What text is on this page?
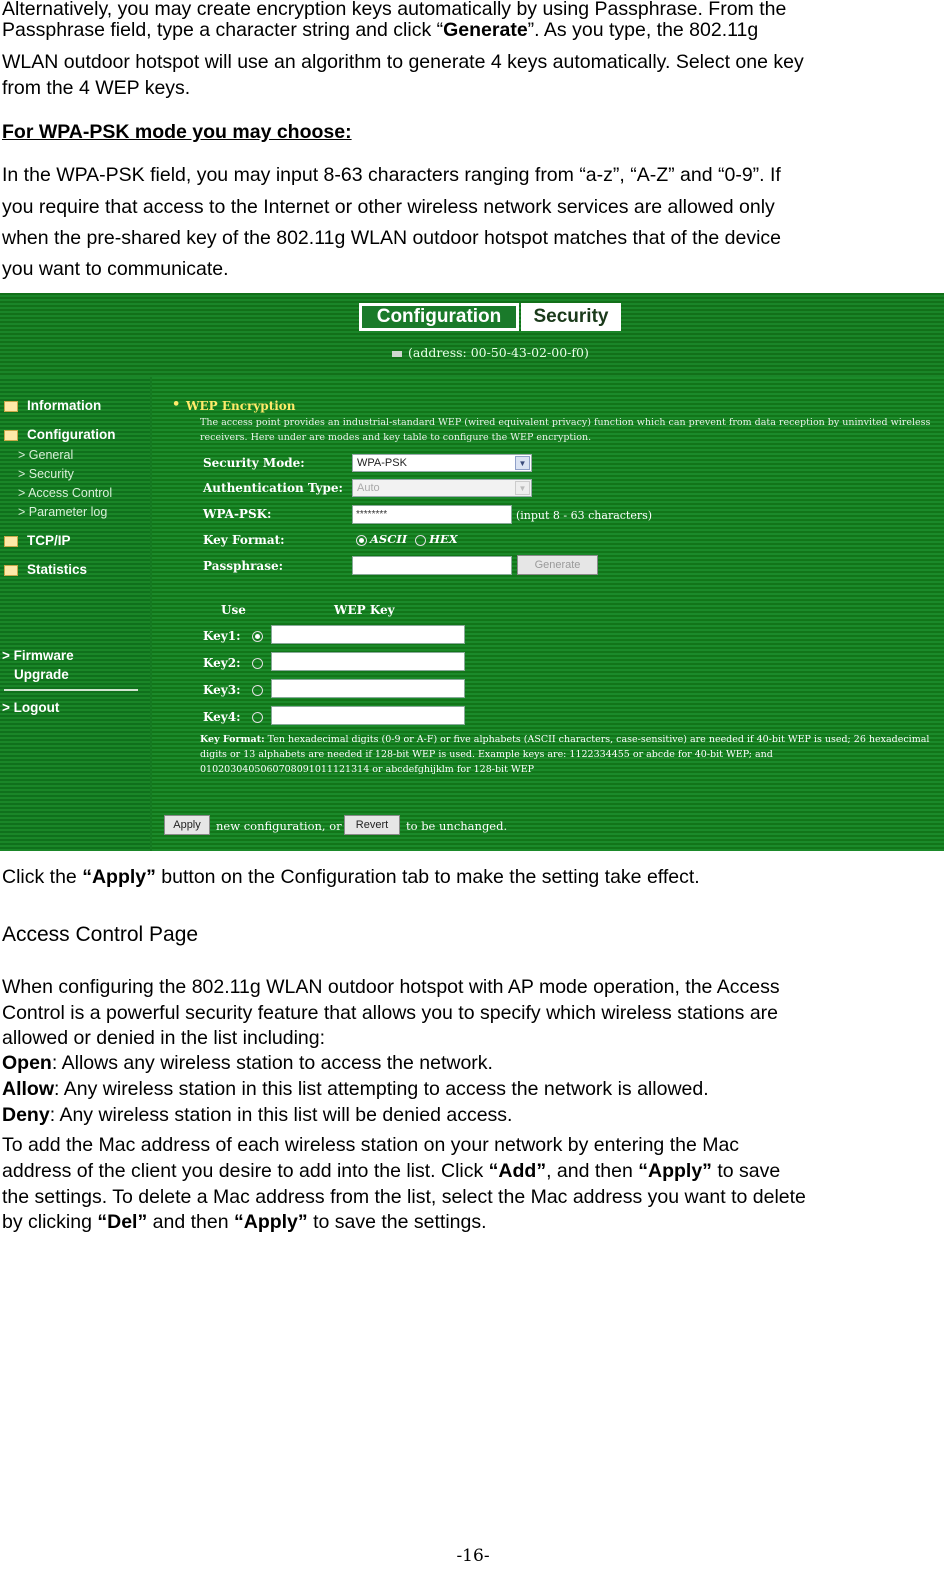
Alternatively, you may create encryption keys automatically by using Passphrase. From the
Passphrase field, type a character string and click “Generate”. As you type, the 802.11g
WLAN outdoor hotspot will use an algorithm to generate 4 keys automatically. Select one key
from the 4 WEP keys.
For WPA-PSK mode you may choose:
In the WPA-PSK field, you may input 8-63 characters ranging from “a-z”, “A-Z” and “0-9”. If
you require that access to the Internet or other wireless network services are allowed only
when the pre-shared key of the 802.11g WLAN outdoor hotspot matches that of the device
you want to communicate.
Configuration	Security
(address: 00-50-43-02-00-f0)
Information
Configuration
> General
> Security
> Access Control
> Parameter log
TCP/IP
Statistics
> Firmware
Upgrade
> Logout
• WEP Encryption
The access point provides an industrial-standard WEP (wired equivalent privacy) function which can prevent from data reception by uninvited wireless receivers. Here under are modes and key table to configure the WEP encryption.
Security Mode:	WPA-PSK	▼
Authentication Type:	Auto	▼
WPA-PSK:	********	(input 8 - 63 characters)
Key Format:	ASCII HEX
Passphrase:	Generate
Use	WEP Key
Key1:
Key2:
Key3:
Key4:
Key Format: Ten hexadecimal digits (0-9 or A-F) or five alphabets (ASCII characters, case-sensitive) are needed if 40-bit WEP is used; 26 hexadecimal digits or 13 alphabets are needed if 128-bit WEP is used. Example keys are: 1122334455 or abcde for 40-bit WEP; and 0102030405060708091011121314 or abcdefghijklm for 128-bit WEP
Apply	new configuration, or	Revert	to be unchanged.
Click the “Apply” button on the Configuration tab to make the setting take effect.
Access Control Page
When configuring the 802.11g WLAN outdoor hotspot with AP mode operation, the Access
Control is a powerful security feature that allows you to specify which wireless stations are
allowed or denied in the list including:
Open: Allows any wireless station to access the network.
Allow: Any wireless station in this list attempting to access the network is allowed.
Deny: Any wireless station in this list will be denied access.
To add the Mac address of each wireless station on your network by entering the Mac
address of the client you desire to add into the list. Click “Add”, and then “Apply” to save
the settings. To delete a Mac address from the list, select the Mac address you want to delete
by clicking “Del” and then “Apply” to save the settings.
-16-
